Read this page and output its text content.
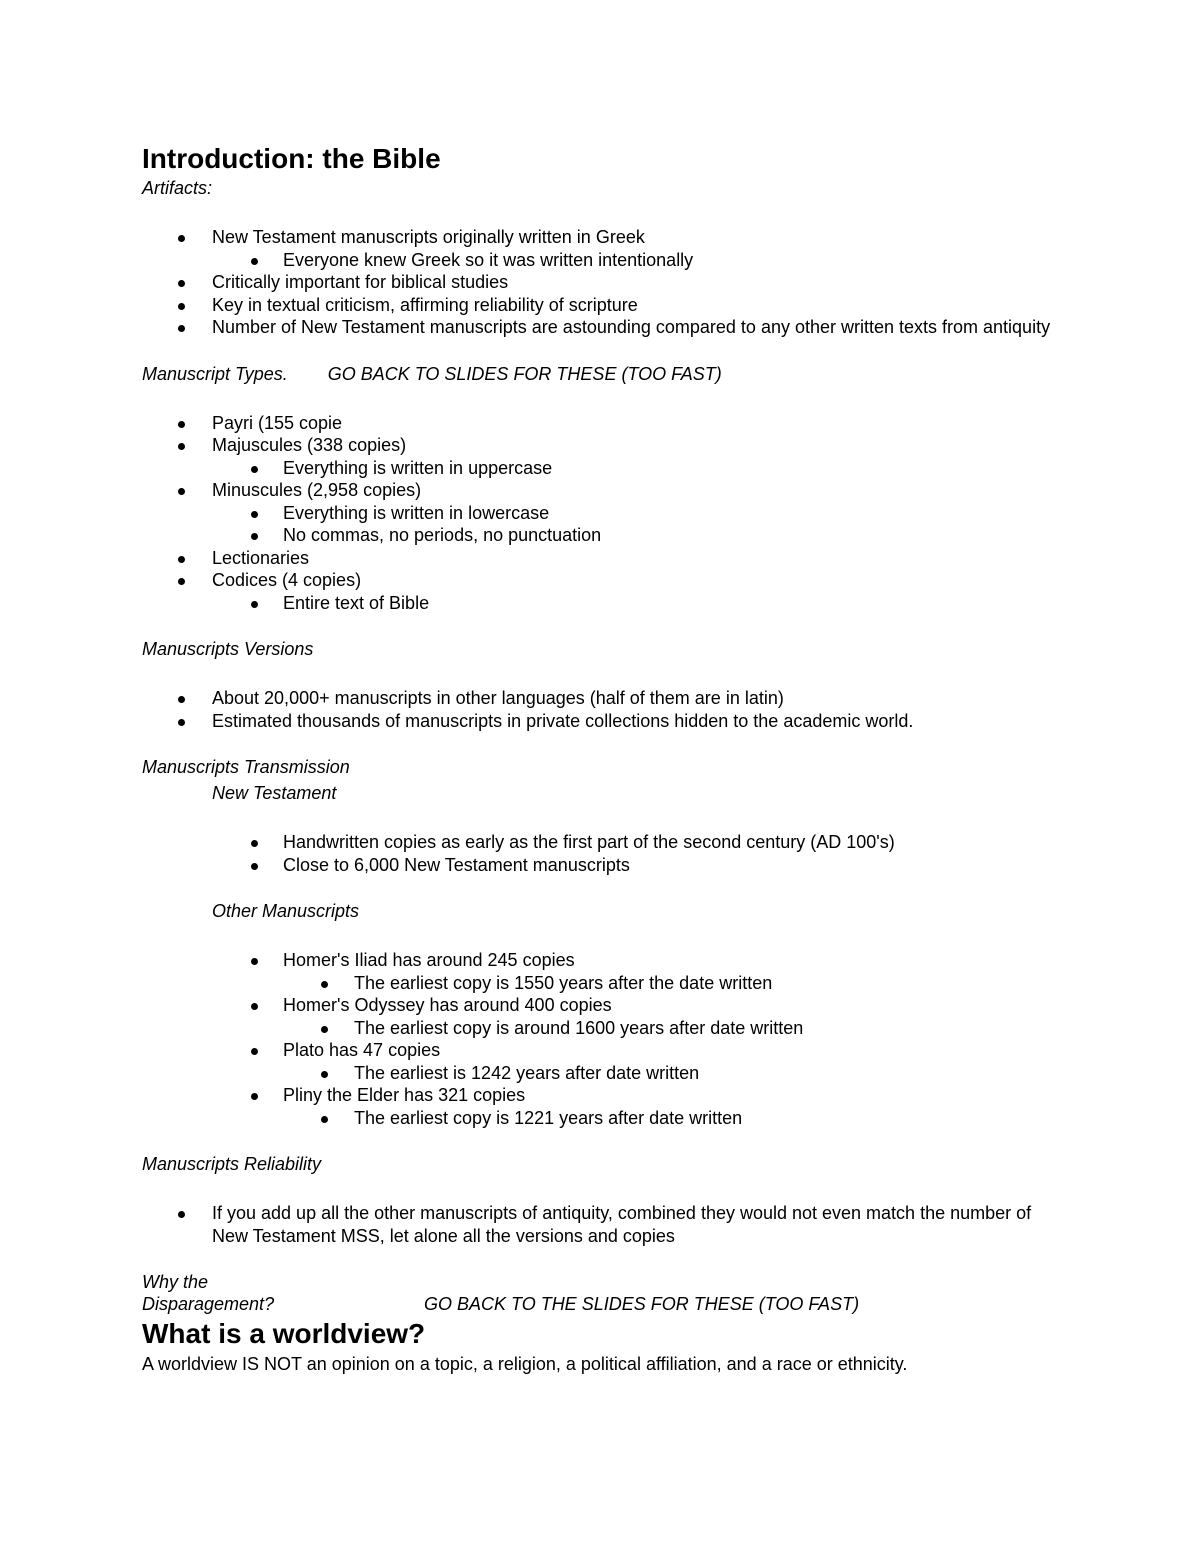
Introduction: the Bible
Artifacts:
New Testament manuscripts originally written in Greek
Everyone knew Greek so it was written intentionally
Critically important for biblical studies
Key in textual criticism, affirming reliability of scripture
Number of New Testament manuscripts are astounding compared to any other written texts from antiquity
Manuscript Types. GO BACK TO SLIDES FOR THESE (TOO FAST)
Payri (155 copie
Majuscules (338 copies)
Everything is written in uppercase
Minuscules (2,958 copies)
Everything is written in lowercase
No commas, no periods, no punctuation
Lectionaries
Codices (4 copies)
Entire text of Bible
Manuscripts Versions
About 20,000+ manuscripts in other languages (half of them are in latin)
Estimated thousands of manuscripts in private collections hidden to the academic world.
Manuscripts Transmission
New Testament
Handwritten copies as early as the first part of the second century (AD 100's)
Close to 6,000 New Testament manuscripts
Other Manuscripts
Homer's Iliad has around 245 copies
The earliest copy is 1550 years after the date written
Homer's Odyssey has around 400 copies
The earliest copy is around 1600 years after date written
Plato has 47 copies
The earliest is 1242 years after date written
Pliny the Elder has 321 copies
The earliest copy is 1221 years after date written
Manuscripts Reliability
If you add up all the other manuscripts of antiquity, combined they would not even match the number of New Testament MSS, let alone all the versions and copies
Why the Disparagement?	GO BACK TO THE SLIDES FOR THESE (TOO FAST)
What is a worldview?
A worldview IS NOT an opinion on a topic, a religion, a political affiliation, and a race or ethnicity.
